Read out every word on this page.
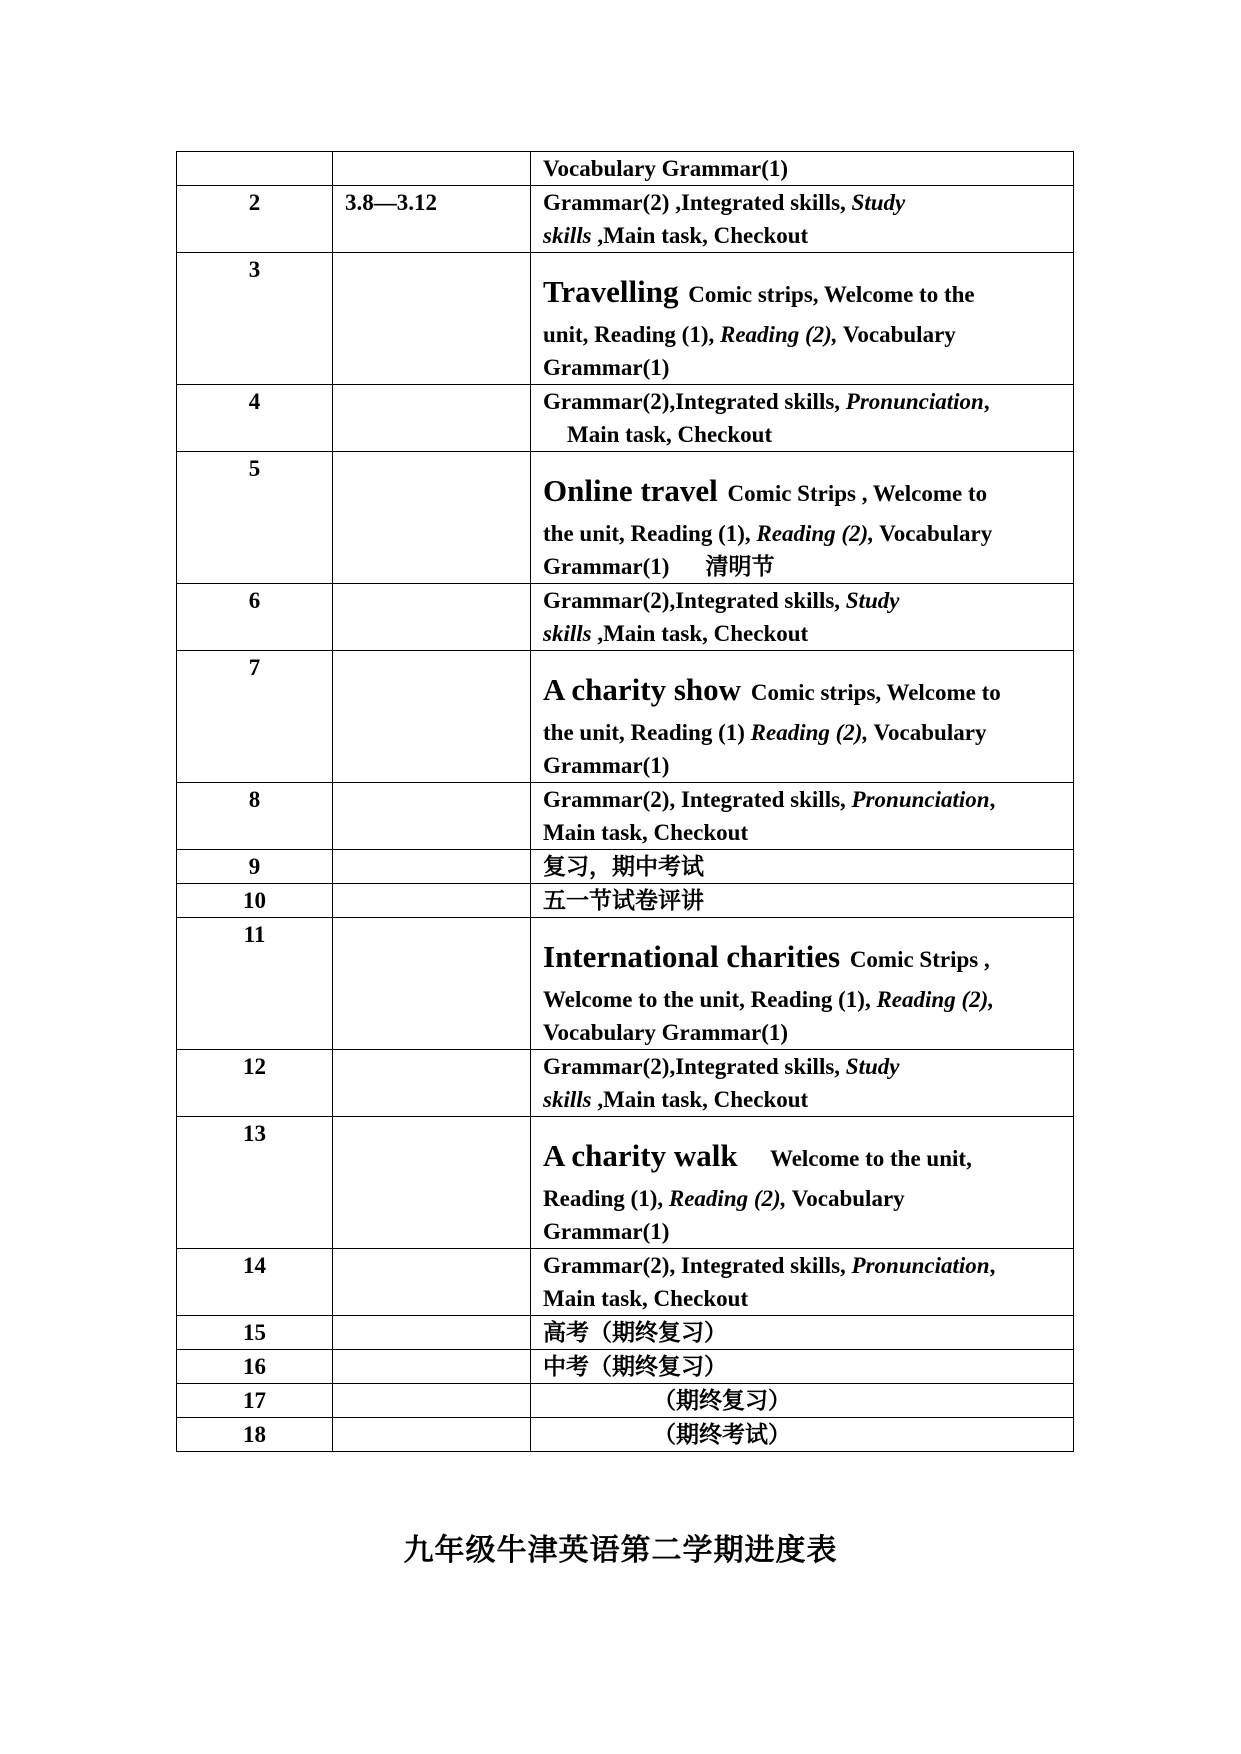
		Vocabulary Grammar(1)

2	3.8—3.12	Grammar(2) ,Integrated skills, Study
skills ,Main task, Checkout

3		Travelling Comic strips, Welcome to the
unit, Reading (1), Reading (2), Vocabulary
Grammar(1)

4		Grammar(2),Integrated skills, Pronunciation,
Main task, Checkout

5		Online travel Comic Strips , Welcome to
the unit, Reading (1), Reading (2), Vocabulary
Grammar(1) 清明节

6		Grammar(2),Integrated skills, Study
skills ,Main task, Checkout

7		A charity show Comic strips, Welcome to
the unit, Reading (1) Reading (2), Vocabulary
Grammar(1)

8		Grammar(2), Integrated skills, Pronunciation,
Main task, Checkout

9		复习，期中考试

10		五一节试卷评讲

11		International charities Comic Strips ,
Welcome to the unit, Reading (1), Reading (2),
Vocabulary Grammar(1)

12		Grammar(2),Integrated skills, Study
skills ,Main task, Checkout

13		A charity walk     Welcome to the unit,
Reading (1), Reading (2), Vocabulary
Grammar(1)

14		Grammar(2), Integrated skills, Pronunciation,
Main task, Checkout

15		高考（期终复习）

16		中考（期终复习）

17		（期终复习）

18		（期终考试）
九年级牛津英语第二学期进度表
